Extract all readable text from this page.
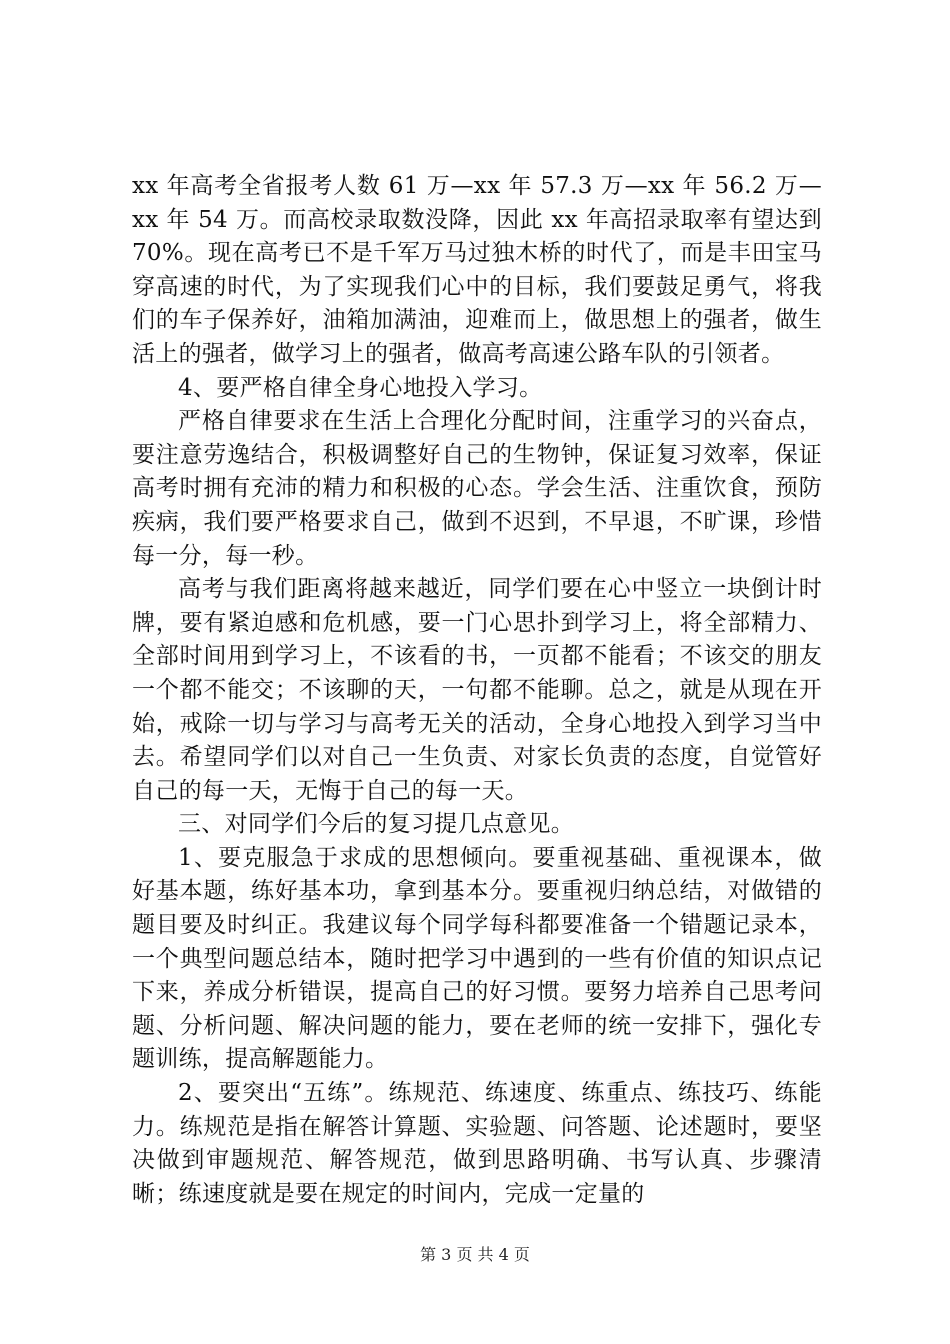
xx 年高考全省报考人数 61 万—xx 年 57.3 万—xx 年 56.2 万—xx 年 54 万。而高校录取数没降，因此 xx 年高招录取率有望达到 70%。现在高考已不是千军万马过独木桥的时代了，而是丰田宝马穿高速的时代，为了实现我们心中的目标，我们要鼓足勇气，将我们的车子保养好，油箱加满油，迎难而上，做思想上的强者，做生活上的强者，做学习上的强者，做高考高速公路车队的引领者。

4、要严格自律全身心地投入学习。

严格自律要求在生活上合理化分配时间，注重学习的兴奋点，要注意劳逸结合，积极调整好自己的生物钟，保证复习效率，保证高考时拥有充沛的精力和积极的心态。学会生活、注重饮食，预防疾病，我们要严格要求自己，做到不迟到，不早退，不旷课，珍惜每一分，每一秒。

高考与我们距离将越来越近，同学们要在心中竖立一块倒计时牌，要有紧迫感和危机感，要一门心思扑到学习上，将全部精力、全部时间用到学习上，不该看的书，一页都不能看；不该交的朋友一个都不能交；不该聊的天，一句都不能聊。总之，就是从现在开始，戒除一切与学习与高考无关的活动，全身心地投入到学习当中去。希望同学们以对自己一生负责、对家长负责的态度，自觉管好自己的每一天，无悔于自己的每一天。

三、对同学们今后的复习提几点意见。

1、要克服急于求成的思想倾向。要重视基础、重视课本，做好基本题，练好基本功，拿到基本分。要重视归纳总结，对做错的题目要及时纠正。我建议每个同学每科都要准备一个错题记录本，一个典型问题总结本，随时把学习中遇到的一些有价值的知识点记下来，养成分析错误，提高自己的好习惯。要努力培养自己思考问题、分析问题、解决问题的能力，要在老师的统一安排下，强化专题训练，提高解题能力。

2、要突出“五练”。练规范、练速度、练重点、练技巧、练能力。练规范是指在解答计算题、实验题、问答题、论述题时，要坚决做到审题规范、解答规范，做到思路明确、书写认真、步骤清晰；练速度就是要在规定的时间内，完成一定量的

第 3 页 共 4 页
